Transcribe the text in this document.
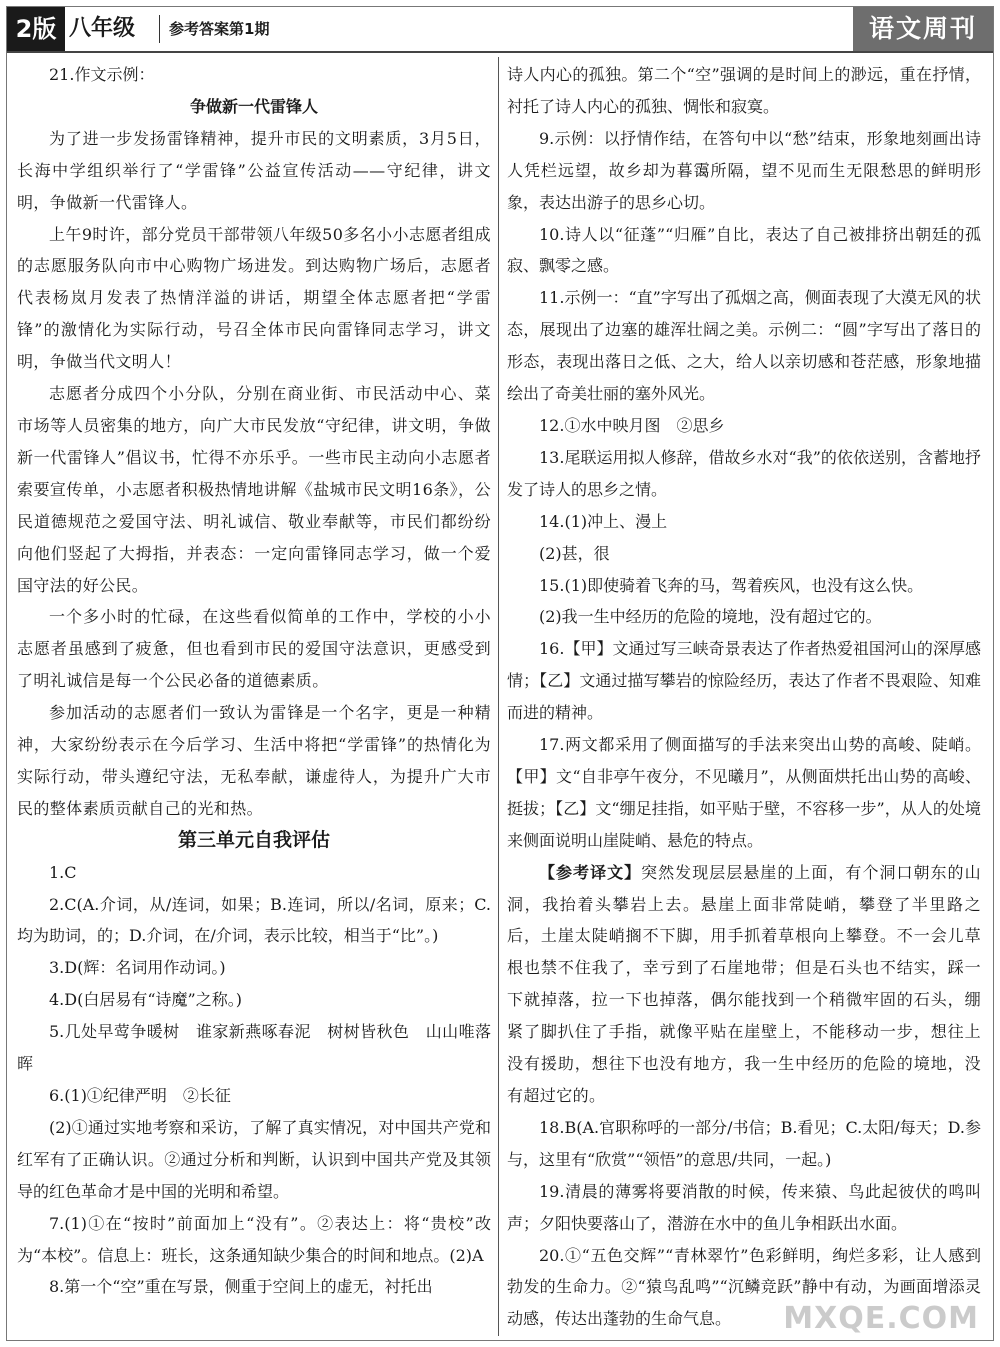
2版 八年级 参考答案第1期	语文周刊

21.作文示例：

争做新一代雷锋人

为了进一步发扬雷锋精神，提升市民的文明素质，3月5日，长海中学组织举行了“学雷锋”公益宣传活动——守纪律，讲文明，争做新一代雷锋人。

上午9时许，部分党员干部带领八年级50多名小小志愿者组成的志愿服务队向市中心购物广场进发。到达购物广场后，志愿者代表杨岚月发表了热情洋溢的讲话，期望全体志愿者把“学雷锋”的激情化为实际行动，号召全体市民向雷锋同志学习，讲文明，争做当代文明人！

志愿者分成四个小分队，分别在商业街、市民活动中心、菜市场等人员密集的地方，向广大市民发放“守纪律，讲文明，争做新一代雷锋人”倡议书，忙得不亦乐乎。一些市民主动向小志愿者索要宣传单，小志愿者积极热情地讲解《盐城市民文明16条》，公民道德规范之爱国守法、明礼诚信、敬业奉献等，市民们都纷纷向他们竖起了大拇指，并表态：一定向雷锋同志学习，做一个爱国守法的好公民。

一个多小时的忙碌，在这些看似简单的工作中，学校的小小志愿者虽感到了疲惫，但也看到市民的爱国守法意识，更感受到了明礼诚信是每一个公民必备的道德素质。

参加活动的志愿者们一致认为雷锋是一个名字，更是一种精神，大家纷纷表示在今后学习、生活中将把“学雷锋”的热情化为实际行动，带头遵纪守法，无私奉献，谦虚待人，为提升广大市民的整体素质贡献自己的光和热。

第三单元自我评估

1.C

2.C(A.介词，从/连词，如果；B.连词，所以/名词，原来；C.均为助词，的；D.介词，在/介词，表示比较，相当于“比”。)

3.D(辉：名词用作动词。)

4.D(白居易有“诗魔”之称。)

5.几处早莺争暖树　谁家新燕啄春泥　树树皆秋色　山山唯落晖

6.(1)①纪律严明　②长征

(2)①通过实地考察和采访，了解了真实情况，对中国共产党和红军有了正确认识。②通过分析和判断，认识到中国共产党及其领导的红色革命才是中国的光明和希望。

7.(1)①在“按时”前面加上“没有”。②表达上：将“贵校”改为“本校”。信息上：班长，这条通知缺少集合的时间和地点。(2)A

8.第一个“空”重在写景，侧重于空间上的虚无，衬托出

诗人内心的孤独。第二个“空”强调的是时间上的渺远，重在抒情，衬托了诗人内心的孤独、惆怅和寂寞。

9.示例：以抒情作结，在答句中以“愁”结束，形象地刻画出诗人凭栏远望，故乡却为暮霭所隔，望不见而生无限愁思的鲜明形象，表达出游子的思乡心切。

10.诗人以“征蓬”“归雁”自比，表达了自己被排挤出朝廷的孤寂、飘零之感。

11.示例一：“直”字写出了孤烟之高，侧面表现了大漠无风的状态，展现出了边塞的雄浑壮阔之美。示例二：“圆”字写出了落日的形态，表现出落日之低、之大，给人以亲切感和苍茫感，形象地描绘出了奇美壮丽的塞外风光。

12.①水中映月图　②思乡

13.尾联运用拟人修辞，借故乡水对“我”的依依送别，含蓄地抒发了诗人的思乡之情。

14.(1)冲上、漫上

(2)甚，很

15.(1)即使骑着飞奔的马，驾着疾风，也没有这么快。

(2)我一生中经历的危险的境地，没有超过它的。

16.【甲】文通过写三峡奇景表达了作者热爱祖国河山的深厚感情；【乙】文通过描写攀岩的惊险经历，表达了作者不畏艰险、知难而进的精神。

17.两文都采用了侧面描写的手法来突出山势的高峻、陡峭。【甲】文“自非亭午夜分，不见曦月”，从侧面烘托出山势的高峻、挺拔；【乙】文“绷足挂指，如平贴于壁，不容移一步”，从人的处境来侧面说明山崖陡峭、悬危的特点。

【参考译文】突然发现层层悬崖的上面，有个洞口朝东的山洞，我抬着头攀岩上去。悬崖上面非常陡峭，攀登了半里路之后，土崖太陡峭搁不下脚，用手抓着草根向上攀登。不一会儿草根也禁不住我了，幸亏到了石崖地带；但是石头也不结实，踩一下就掉落，拉一下也掉落，偶尔能找到一个稍微牢固的石头，绷紧了脚扒住了手指，就像平贴在崖壁上，不能移动一步，想往上没有援助，想往下也没有地方，我一生中经历的危险的境地，没有超过它的。

18.B(A.官职称呼的一部分/书信；B.看见；C.太阳/每天；D.参与，这里有“欣赏”“领悟”的意思/共同，一起。)

19.清晨的薄雾将要消散的时候，传来猿、鸟此起彼伏的鸣叫声；夕阳快要落山了，潜游在水中的鱼儿争相跃出水面。

20.①“五色交辉”“青林翠竹”色彩鲜明，绚烂多彩，让人感到勃发的生命力。②“猿鸟乱鸣”“沉鳞竞跃”静中有动，为画面增添灵动感，传达出蓬勃的生命气息。	MXQE.COM
